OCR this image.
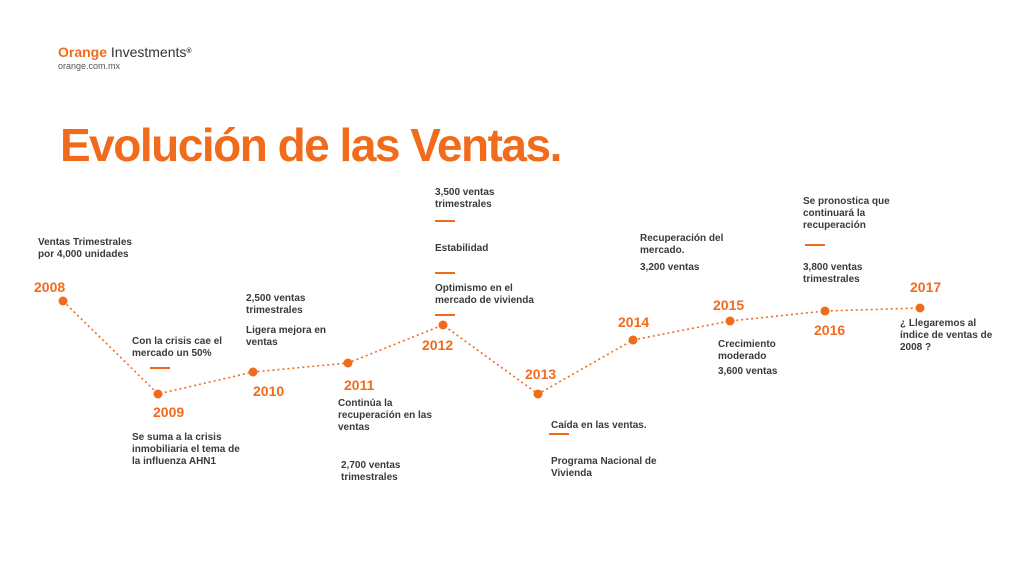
Orange Investments®
orange.com.mx
Evolución de las Ventas.
2008
2009
2010	2011
2012
2013
2014
2015
2016
2017
Ventas Trimestrales por 4,000 unidades
Con la crisis cae el mercado un 50%
Se suma a la crisis inmobiliaria el tema de la influenza AHN1
2,500 ventas trimestrales
Ligera mejora en ventas
Continúa la recuperación en las ventas
2,700 ventas trimestrales
3,500 ventas trimestrales
Estabilidad
Optimismo en el mercado de vivienda
Caída en las ventas.
Programa Nacional de Vivienda
Recuperación del mercado.
3,200 ventas
Crecimiento moderado
3,600 ventas
Se pronostica que continuará la recuperación
3,800 ventas trimestrales
¿ Llegaremos al índice de ventas de 2008 ?
